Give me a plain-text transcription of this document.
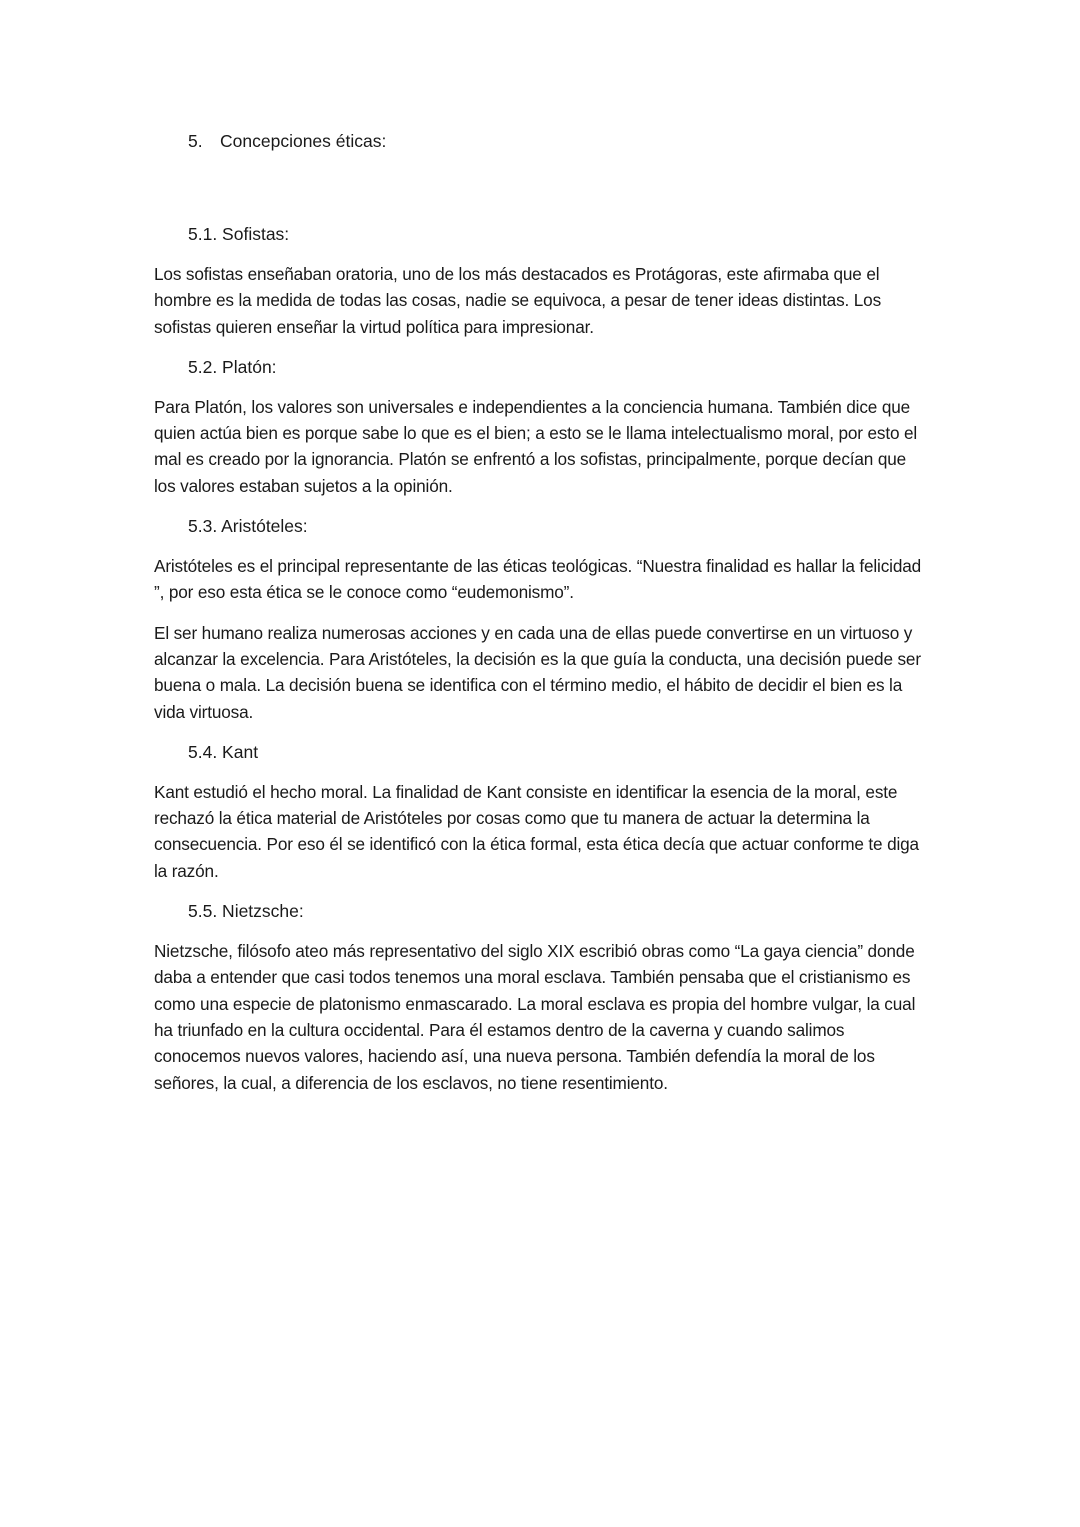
5. Concepciones éticas:
5.1. Sofistas:

Los sofistas enseñaban oratoria, uno de los más destacados es Protágoras, este afirmaba que el hombre es la medida de todas las cosas, nadie se equivoca, a pesar de tener ideas distintas. Los sofistas quieren enseñar la virtud política para impresionar.

5.2. Platón:

Para Platón, los valores son universales e independientes a la conciencia humana. También dice que quien actúa bien es porque sabe lo que es el bien; a esto se le llama intelectualismo moral, por esto el mal es creado por la ignorancia. Platón se enfrentó a los sofistas, principalmente, porque decían que los valores estaban sujetos a la opinión.

5.3. Aristóteles:

Aristóteles es el principal representante de las éticas teológicas. “Nuestra finalidad es hallar la felicidad ”, por eso esta ética se le conoce como “eudemonismo”.

El ser humano realiza numerosas acciones y en cada una de ellas puede convertirse en un virtuoso y alcanzar la excelencia. Para Aristóteles, la decisión es la que guía la conducta, una decisión puede ser buena o mala. La decisión buena se identifica con el término medio, el hábito de decidir el bien es la vida virtuosa.

5.4. Kant

Kant estudió el hecho moral. La finalidad de Kant consiste en identificar la esencia de la moral, este rechazó la ética material de Aristóteles por cosas como que tu manera de actuar la determina la consecuencia. Por eso él se identificó con la ética formal, esta ética decía que actuar conforme te diga la razón.

5.5. Nietzsche:

Nietzsche, filósofo ateo más representativo del siglo XIX escribió obras como “La gaya ciencia” donde daba a entender que casi todos tenemos una moral esclava. También pensaba que el cristianismo es como una especie de platonismo enmascarado. La moral esclava es propia del hombre vulgar, la cual ha triunfado en la cultura occidental. Para él estamos dentro de la caverna y cuando salimos conocemos nuevos valores, haciendo así, una nueva persona. También defendía la moral de los señores, la cual, a diferencia de los esclavos, no tiene resentimiento.
